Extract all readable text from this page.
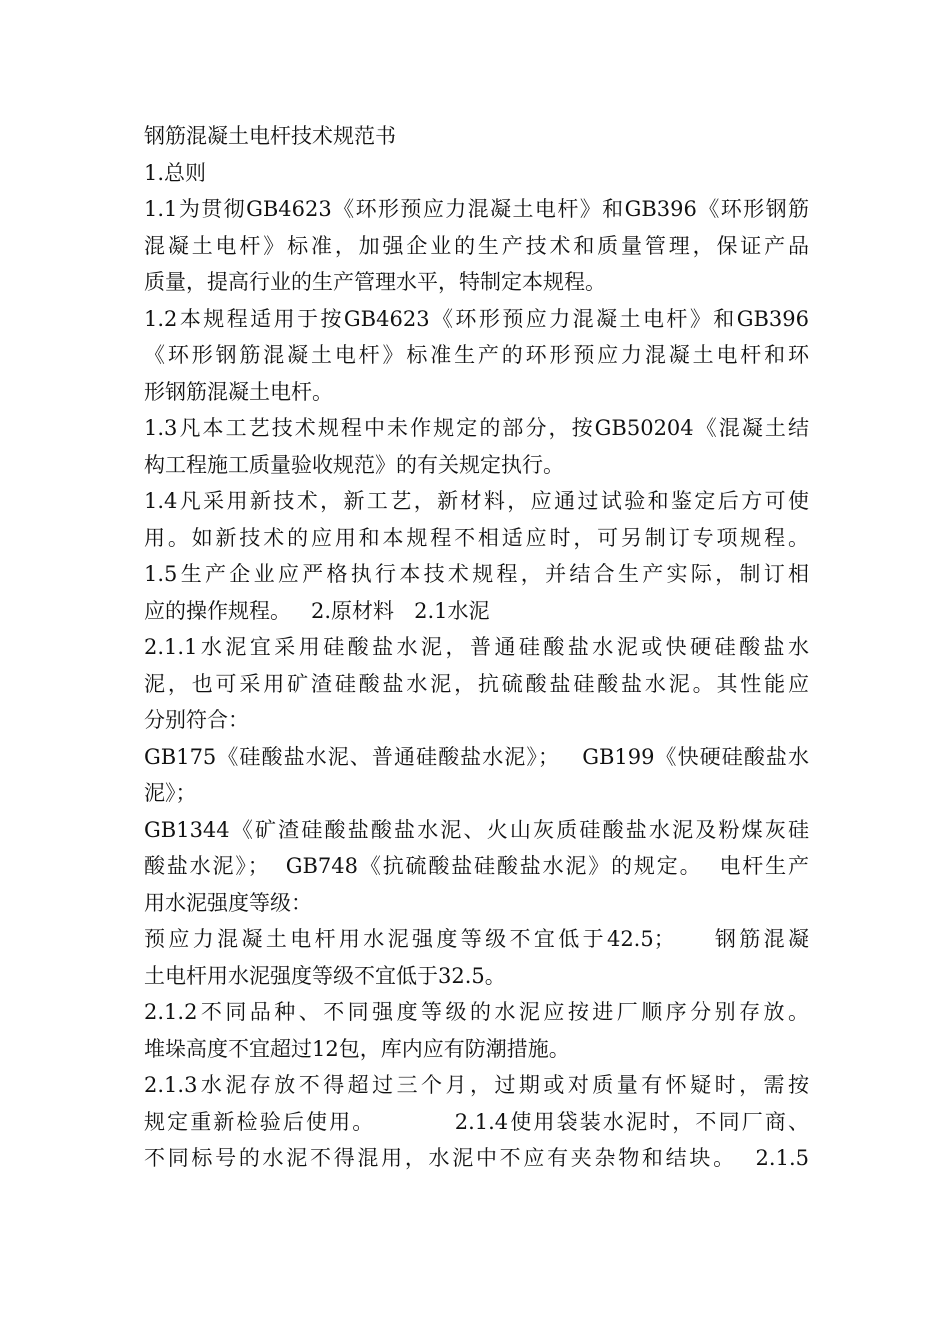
钢筋混凝土电杆技术规范书
1.总则
1.1为贯彻GB4623《环形预应力混凝土电杆》和GB396《环形钢筋
混凝土电杆》标准，加强企业的生产技术和质量管理，保证产品
质量，提高行业的生产管理水平，特制定本规程。
1.2本规程适用于按GB4623《环形预应力混凝土电杆》和GB396
《环形钢筋混凝土电杆》标准生产的环形预应力混凝土电杆和环
形钢筋混凝土电杆。
1.3凡本工艺技术规程中未作规定的部分，按GB50204《混凝土结
构工程施工质量验收规范》的有关规定执行。
1.4凡采用新技术，新工艺，新材料，应通过试验和鉴定后方可使
用。如新技术的应用和本规程不相适应时，可另制订专项规程。
1.5生产企业应严格执行本技术规程，并结合生产实际，制订相
应的操作规程。   2.原材料   2.1水泥
2.1.1水泥宜采用硅酸盐水泥，普通硅酸盐水泥或快硬硅酸盐水
泥，也可采用矿渣硅酸盐水泥，抗硫酸盐硅酸盐水泥。其性能应
分别符合：
GB175《硅酸盐水泥、普通硅酸盐水泥》；   GB199《快硬硅酸盐水
泥》；
GB1344《矿渣硅酸盐酸盐水泥、火山灰质硅酸盐水泥及粉煤灰硅
酸盐水泥》；  GB748《抗硫酸盐硅酸盐水泥》的规定。  电杆生产
用水泥强度等级：
预应力混凝土电杆用水泥强度等级不宜低于42.5；    钢筋混凝
土电杆用水泥强度等级不宜低于32.5。
2.1.2不同品种、不同强度等级的水泥应按进厂顺序分别存放。
堆垛高度不宜超过12包，库内应有防潮措施。
2.1.3水泥存放不得超过三个月，过期或对质量有怀疑时，需按
规定重新检验后使用。         2.1.4使用袋装水泥时，不同厂商、
不同标号的水泥不得混用，水泥中不应有夹杂物和结块。  2.1.5
